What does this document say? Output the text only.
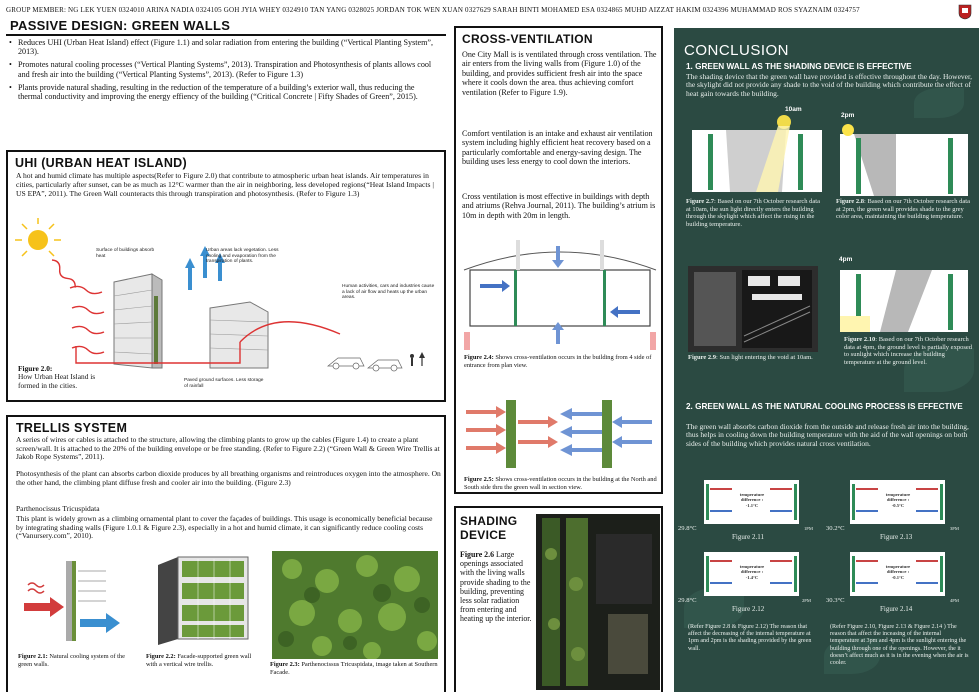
GROUP MEMBER: NG LEK YUEN 0324010 ARINA NADIA 0324105 GOH JYIA WHEY 0324910 TAN YANG 0328025 JORDAN TOK WEN XUAN 0327629 SARAH BINTI MOHAMED ESA 0324865 MUHD AIZZAT HAKIM 0324396 MUHAMMAD ROS SYAZNAIM 0324757
PASSIVE DESIGN: GREEN WALLS
• Reduces UHI (Urban Heat Island) effect (Figure 1.1) and solar radiation from entering the building (“Vertical Planting System”, 2013).
• Promotes natural cooling processes (“Vertical Planting Systems”, 2013). Transpiration and Photosynthesis of plants allows cool and fresh air into the building (“Vertical Planting Systems”, 2013). (Refer to Figure 1.3)
• Plants provide natural shading, resulting in the reduction of the temperature of a building’s exterior wall, thus reducing the thermal conductivity and improving the energy effiency of the building (“Critical Concrete | Fifty Shades of Green”, 2015).
UHI (URBAN HEAT ISLAND)
A hot and humid climate has multiple aspects(Refer to Figure 2.0) that contribute to atmospheric urban heat islands. Air temperatures in cities, particularly after sunset, can be as much as 12°C warmer than the air in neighboring, less developed regions(“Heat Island Impacts | US EPA”, 2011). The Green Wall counteracts this through transpiration and photosynthesis. (Refer to Figure 1.3)
Surface of buildings absorb heat
Urban areas lack vegetation. Less cooling and evaporation from the transpiration of plants.
Human activities, cars and industries cause a lack of air flow and heats up the urban areas.
Paved ground surfaces. Less storage of rainfall
Figure 2.0:
How Urban Heat Island is formed in the cities.
TRELLIS SYSTEM
A series of wires or cables is attached to the structure, allowing the climbing plants to grow up the cables (Figure 1.4) to create a plant screen/wall. It is attached to the 20% of the building envelope or be free standing. (Refer to Figure 2.2) (“Green Wall & Green Wire Trellis at Jakob Rope Systems”, 2011).
Photosynthesis of the plant can absorbs carbon dioxide produces by all breathing organisms and reintroduces oxygen into the atmosphere. On the other hand, the climbing plant diffuse fresh and cooler air into the building. (Figure 2.3)
Parthenocissus Tricuspidata
This plant is widely grown as a climbing ornamental plant to cover the façades of buildings. This usage is economically beneficial because by integrating shading walls (Figure 1.0.1 & Figure 2.3), especially in a hot and humid climate, it can significantly reduce cooling costs (“Vanursery.com”, 2010).
Figure 2.1: Natural cooling system of the green walls.
Figure 2.2: Facade-supported green wall with a vertical wire trellis.	Figure 2.3: Parthenocissus Tricuspidata, image taken at Southern Facade.
CROSS-VENTILATION
One City Mall is is ventilated through cross ventilation. The air enters from the living walls from (Figure 1.0) of the building, and provides sufficient fresh air into the space where it cools down the area. thus achieving comfort ventilation (Refer to Figure 1.9).
Comfort ventilation is an intake and exhaust air ventilation system including highly efficient heat recovery based on a particularly comfortable and energy-saving design. The building uses less energy to cool down the interiors.
Cross ventilation is most effective in buildings with depth and atriums (Rehva Journal, 2011). The building’s atrium is 10m in depth with 20m in length.
Figure 2.4: Shows cross-ventilation occurs in the building from 4 side of entrance from plan view.
Figure 2.5: Shows cross-ventilation occurs in the building at the North and South side thru the green wall in section view.
SHADING
DEVICE
Figure 2.6 Large openings associated with the living walls provide shading to the building, preventing less solar radiation from entering and heating up the interior.
CONCLUSION
1. GREEN WALL AS THE SHADING DEVICE IS EFFECTIVE
The shading device that the green wall have provided is effective throughout the day. However, the skylight did not provide any shade to the void of the building which contribute the effect of heat gain towards the building.
10am
2pm
Figure 2.7: Based on our 7th October research data at 10am, the sun light directly enters the building through the skylight which affect the rising in the building temperature.
Figure 2.8: Based on our 7th October research data at 2pm, the green wall provides shade to the grey color area, maintaining the building temperature.
4pm
Figure 2.9: Sun light entering the void at 10am.
Figure 2.10: Based on our 7th October research data at 4pm, the ground level is partially exposed to sunlight which increase the building temperature at the ground level.
2. GREEN WALL AS THE NATURAL COOLING PROCESS IS EFFECTIVE
The green wall absorbs carbon dioxide from the outside and release fresh air into the building, thus helps in cooling down the building temperature with the aid of the wall openings on both sides of the building which provides natural cross ventilation.
temperature difference :
-1.1°C
temperature difference :
-0.5°C
temperature difference :
-1.4°C
temperature difference :
-0.1°C
29.8°C	1PM
Figure 2.11
30.2°C	3PM
Figure 2.13
29.8°C	2PM
Figure 2.12
30.3°C	4PM
Figure 2.14
(Refer Figure 2.8 & Figure 2.12) The reason that affect the decreasing of the internal temperature at 1pm and 2pm is the shading provided by the green wall.
(Refer Figure 2.10, Figure 2.13 & Figure 2.14 ) The reason that affect the inceasing of the internal temperature at 3pm and 4pm is the sunlight entering the building through one of the openings. However, the it doesn’t affect much as it is in the evening when the air is cooler.
